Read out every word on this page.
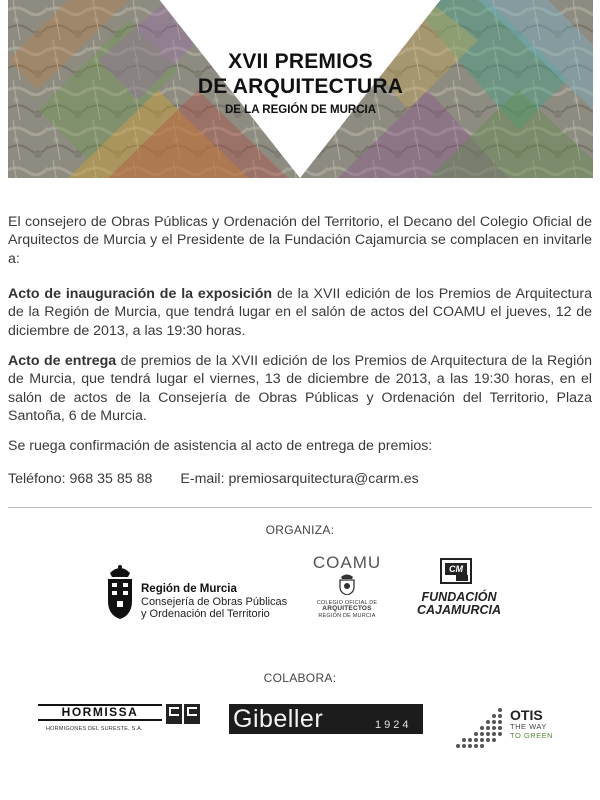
XVII PREMIOS
DE ARQUITECTURA
DE LA REGIÓN DE MURCIA
El consejero de Obras Públicas y Ordenación del Territorio, el Decano del Colegio Oficial de Arquitectos de Murcia y el Presidente de la Fundación Cajamurcia se complacen en invitarle a:
Acto de inauguración de la exposición de la XVII edición de los Premios de Arquitectura de la Región de Murcia, que tendrá lugar en el salón de actos del COAMU el jueves, 12 de diciembre de 2013, a las 19:30 horas.
Acto de entrega de premios de la XVII edición de los Premios de Arquitectura de la Región de Murcia, que tendrá lugar el viernes, 13 de diciembre de 2013, a las 19:30 horas, en el salón de actos de la Consejería de Obras Públicas y Ordenación del Territorio, Plaza Santoña, 6 de Murcia.
Se ruega confirmación de asistencia al acto de entrega de premios:
Teléfono: 968 35 85 88 E-mail: premiosarquitectura@carm.es
ORGANIZA:
Región de Murcia
Consejería de Obras Públicas
y Ordenación del Territorio
COAMU
COLEGIO OFICIAL DE
ARQUITECTOS
REGIÓN DE MURCIA
CM
FUNDACIÓN
CAJAMURCIA
COLABORA:
HORMISSA
HORMIGONES DEL SURESTE, S.A.	Gibeller	1924
OTIS
THE WAY
TO GREEN
